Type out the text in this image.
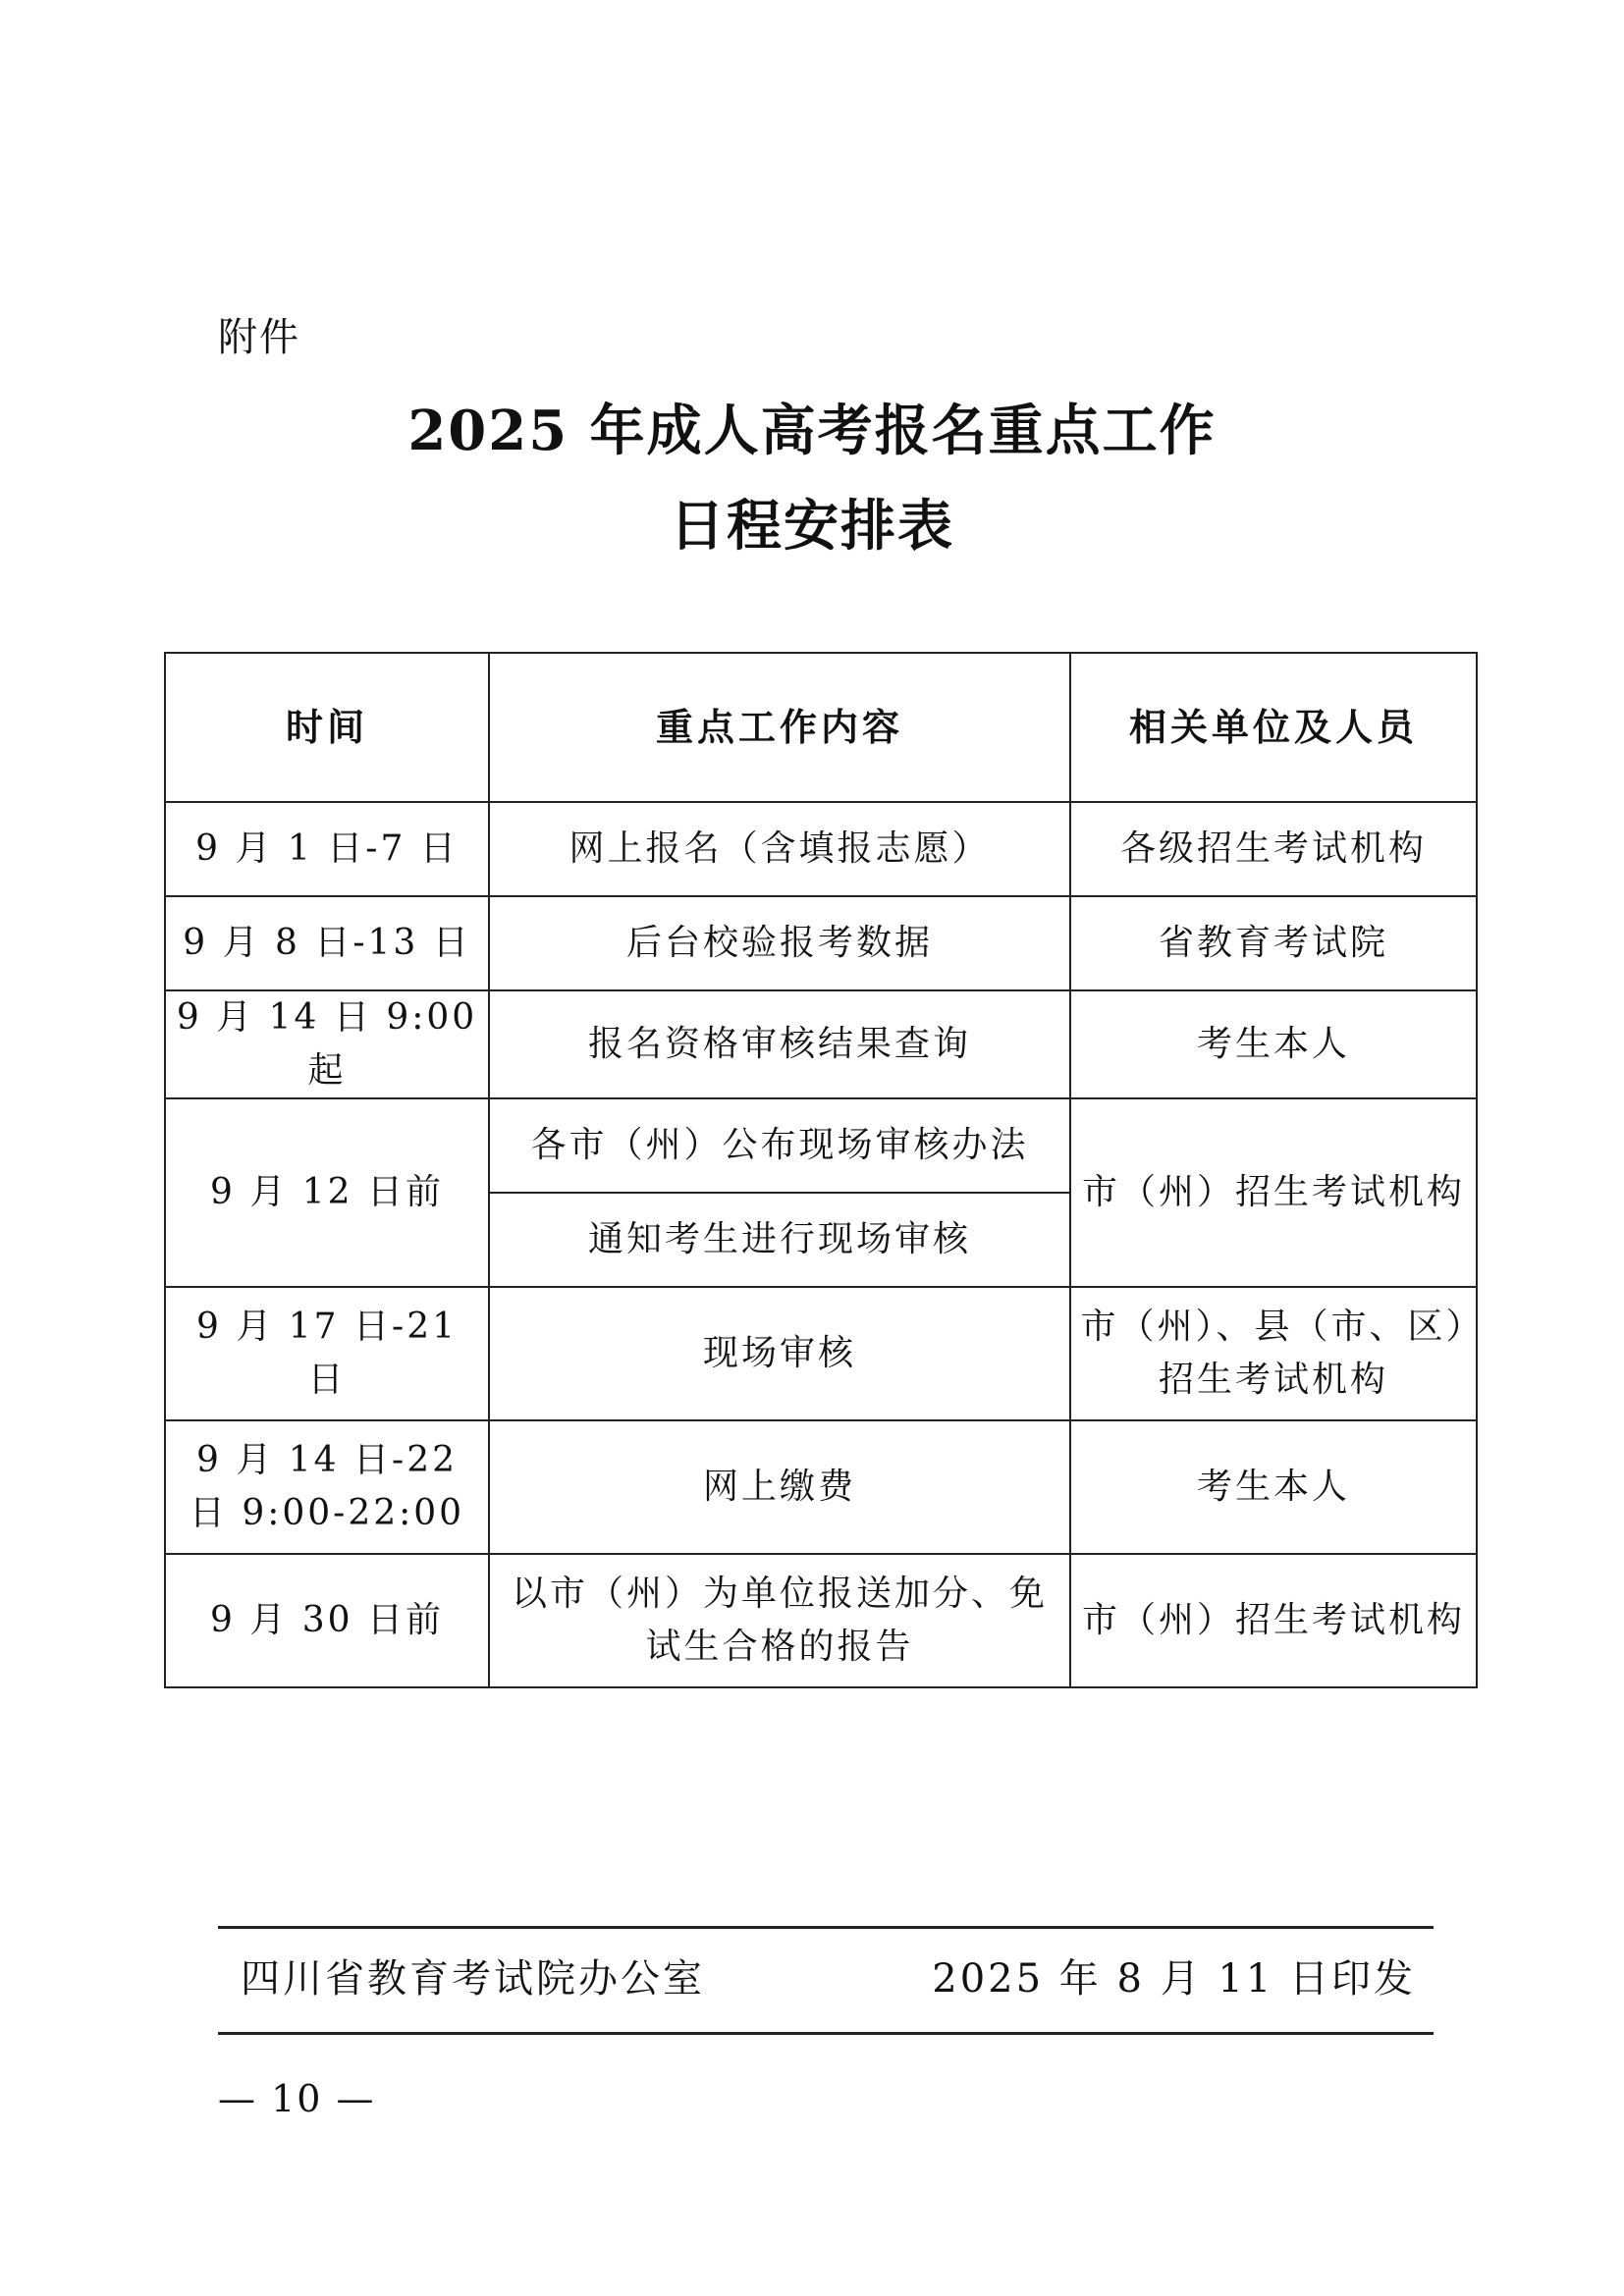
附件
2025 年成人高考报名重点工作
日程安排表
时间	重点工作内容	相关单位及人员
9 月 1 日-7 日	网上报名（含填报志愿）	各级招生考试机构
9 月 8 日-13 日	后台校验报考数据	省教育考试院
9 月 14 日 9:00 起	报名资格审核结果查询	考生本人
9 月 12 日前	各市（州）公布现场审核办法	市（州）招生考试机构
	通知考生进行现场审核	
9 月 17 日-21 日	现场审核	市（州）、县（市、区）招生考试机构
9 月 14 日-22 日 9:00-22:00	网上缴费	考生本人
9 月 30 日前	以市（州）为单位报送加分、免试生合格的报告	市（州）招生考试机构
四川省教育考试院办公室	2025 年 8 月 11 日印发
— 10 —
